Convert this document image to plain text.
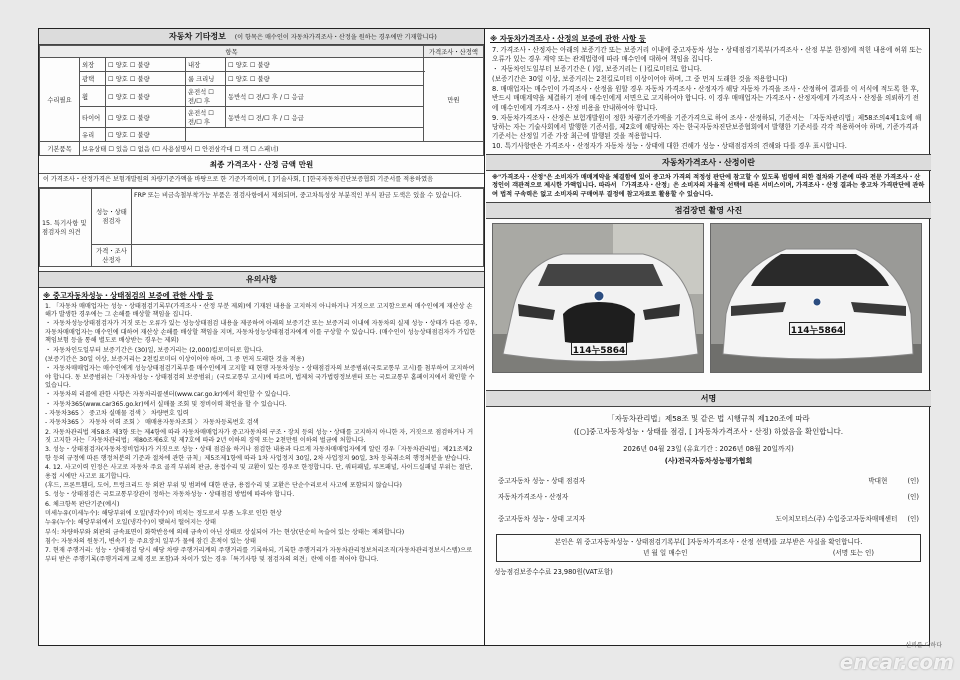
자동차 기타정보 (이 항목은 매수인이 자동차가격조사・산정을 원하는 경우에만 기재합니다)
항목					가격조사・산정액
수리필요	외장	☐ 양호 ☐ 불량	내장	☐ 양호 ☐ 불량	만원
	광택	☐ 양호 ☐ 불량	룸 크리닝	☐ 양호 ☐ 불량	
	휠	☐ 양호 ☐ 불량	운전석 ☐ 전/☐ 후	동반석 ☐ 전/☐ 후 / ☐ 응급	
	타이어	☐ 양호 ☐ 불량	운전석 ☐ 전/☐ 후	동반석 ☐ 전/☐ 후 / ☐ 응급	
	유리	☐ 양호 ☐ 불량			
기본품목	보유상태 ☐ 있음 ☐ 없음 (☐ 사용설명서 ☐ 안전삼각대 ☐ 잭 ☐ 스패너)				
최종 가격조사・산정 금액 만원
이 가격조사・산정가격은 보험개발원의 차량기준가액을 바탕으로 한 기준가격이며, [ ]기술사회, [ ]한국자동차진단보증협회 기준서를 적용하였음
15. 특기사항 및 점검자의 의견	성능・상태 점검자	FRP 또는 비금속철부착가능 부품은 점검사항에서 제외되며, 중고차특성상 부분적인 부식 판금 도색은 있을 수 있습니다.
	가격・조사 산정자	
유의사항
※ 중고자동차성능・상태점검의 보증에 관한 사항 등

1. 「자동차 매매업자는 성능・상태점검기록부(가격조사・산정 부분 제외)에 기재된 내용을 고지하지 아니하거나 거짓으로 고지함으로써 매수인에게 재산상 손해가 발생한 경우에는 그 손해를 배상할 책임을 집니다.

・ 자동차성능상태점검자가 거짓 또는 오류가 있는 성능상태점검 내용을 제공하여 아래의 보증기간 또는 보증거리 이내에 자동차의 실제 성능・상태가 다른 경우, 자동차매매업자는 매수인에 대하여 재산상 손해를 배상할 책임을 지며, 자동차성능상태점검자에게 이를 구상할 수 있습니다. (매수인이 성능상태점검자가 가입한 책임보험 등을 통해 별도로 배상받는 경우는 제외)

・ 자동차인도일부터 보증기간은 (30)일, 보증거리는 (2,000)킬로미터로 합니다.

(보증기간은 30일 이상, 보증거리는 2천킬로미터 이상이어야 하며, 그 중 먼저 도래한 것을 적용)

・ 자동차매매업자는 매수인에게 성능상태점검기록부를 매수인에게 고지할 때 현행 자동차성능・상태점검자의 보증범위(국토교통부 고시)를 첨부하여 고지하여야 합니다. 동 보증범위는「자동차성능・상태점검의 보증범위」(국토교통부 고시)에 따르며, 법제처 국가법령정보센터 또는 국토교통부 홈페이지에서 확인할 수 있습니다.

・ 자동차의 리콜에 관한 사항은 자동차리콜센터(www.car.go.kr)에서 확인할 수 있습니다.

・ 자동차365(www.car365.go.kr)에서 실매물 조회 및 정비이력 확인을 할 수 있습니다.

- 자동차365 〉 중고차 실매물 검색 〉 차량번호 입력

- 자동차365 〉 자동차 이력 조회 〉 매매용자동차조회 〉 자동차등록번호 검색

2. 자동차관리법 제58조 제3항 또는 제4항에 따라 자동차매매업자가 중고자동차의 구조・장치 등의 성능・상태를 고지하지 아니한 자, 거짓으로 점검하거나 거짓 고지한 자는「자동차관리법」제80조제6호 및 제7호에 따라 2년 이하의 징역 또는 2천만원 이하의 벌금에 처합니다.

3. 성능・상태점검자(자동차정비업자)가 거짓으로 성능・상태 점검을 하거나 점검한 내용과 다르게 자동차매매업자에게 알린 경우「자동차관리법」제21조제2항 등의 규정에 따른 행정처분의 기준과 절차에 관한 규칙」제5조제1항에 따라 1차 사업정지 30일, 2차 사업정지 90일, 3차 등록취소의 행정처분을 받습니다.

4. 12. 사고이력 인정은 사고로 자동차 주요 골격 부위의 판금, 용접수리 및 교환이 있는 경우로 한정합니다. 단, 쿼터패널, 루프패널, 사이드실패널 부위는 절단, 용접 시에만 사고로 표기합니다.

(후드, 프론트휀더, 도어, 트렁크리드 등 외판 부위 및 범퍼에 대한 판금, 용접수리 및 교환은 단순수리로서 사고에 포함되지 않습니다)

5. 성능・상태점검은 국토교통부장관이 정하는 자동차성능・상태점검 방법에 따라야 합니다.

6. 체크항목 판단기준(예시)

미세누유(미세누수): 해당부위에 오일(냉각수)이 비치는 정도로서 부품 노후로 인한 현상

누유(누수): 해당부위에서 오일(냉각수)이 맺혀서 떨어지는 상태

부식: 차량하부와 외판의 금속표면이 화학반응에 의해 금속이 아닌 상태로 상실되어 가는 현상(단순히 녹슬어 있는 상태는 제외합니다)

침수: 자동차의 원동기, 변속기 등 주요장치 일부가 물에 잠긴 흔적이 있는 상태

7. 현재 주행거리: 성능・상태점검 당시 해당 차량 주행거리계의 주행거리를 기록하되, 기록한 주행거리가 자동차관리정보처리조직(자동차관리정보시스템)으로부터 받은 주행기록(주행거리계 교체 경로 포함)과 차이가 있는 경우「특기사항 및 점검자의 의견」란에 이를 적어야 합니다.

※ 자동차가격조사・산정의 보증에 관한 사항 등

7. 가격조사・산정자는 아래의 보증기간 또는 보증거리 이내에 중고자동차 성능・상태점검기록부(가격조사・산정 부분 한정)에 적힌 내용에 허위 또는 오류가 있는 경우 계약 또는 관계법령에 따라 매수인에 대하여 책임을 집니다.

・ 자동차인도일부터 보증기간은 ( )일, 보증거리는 ( )킬로미터로 합니다.

(보증기간은 30일 이상, 보증거리는 2천킬로미터 이상이어야 하며, 그 중 먼저 도래한 것을 적용합니다)

8. 매매업자는 매수인이 가격조사・산정을 원할 경우 자동차 가격조사・산정자가 해당 자동차 가격을 조사・산정하여 결과를 이 서식에 적도록 한 후, 반드시 매매계약을 체결하기 전에 매수인에게 서면으로 고지하여야 합니다. 이 경우 매매업자는 가격조사・산정자에게 가격조사・산정을 의뢰하기 전에 매수인에게 가격조사・산정 비용을 안내하여야 합니다.

9. 자동차가격조사・산정은 보험개발원이 정한 차량기준가액을 기준가격으로 하여 조사・산정하되, 기준서는 「자동차관리법」제58조의4제1호에 해당하는 자는 기술사회에서 발행한 기준서를, 제2호에 해당하는 자는 한국자동차진단보증협회에서 발행한 기준서를 각각 적용하여야 하며, 기준가격과 기준서는 산정일 기준 가장 최근에 발행된 것을 적용합니다.

10. 특기사항란은 가격조사・산정자가 자동차 성능・상태에 대한 견해가 성능・상태점검자의 견해와 다를 경우 표시합니다.

자동차가격조사・산정이란
※"가격조사・산정"은 소비자가 매매계약을 체결함에 있어 중고차 가격의 적정성 판단에 참고할 수 있도록 법령에 의한 절차와 기준에 따라 전문 가격조사・산정인이 객관적으로 제시한 가액입니다. 따라서 「가격조사・산정」은 소비자의 자율적 선택에 따른 서비스이며, 가격조사・산정 결과는 중고차 가격판단에 관하여 법적 구속력은 없고 소비자의 구매여부 결정에 참고자료로 활용할 수 있습니다.
점검장면 촬영 사진
114누5864
114누5864
서명
「자동차관리법」제58조 및 같은 법 시행규칙 제120조에 따라
([○]중고자동차성능・상태를 점검, [ ]자동차가격조사・산정) 하였음을 확인합니다.
2026년 04월 23일 (유효기간 : 2026년 08월 20일까지)
(사)전국자동차성능평가협회
중고자동차 성능・상태 점검자	박대현	(인)
자동차가격조사・산정자	(인)
중고자동차 성능・상태 고지자	도이치모터스(주) 수입중고자동차매매센터 (인)
본인은 위 중고자동차성능・상태점검기록부([ ]자동차가격조사・산정 선택)를 교부받은 사실을 확인합니다.
년 월 일 매수인	(서명 또는 인)
성능점검보증수수료 23,980원(VAT포함)
encar.com
신뢰를 더하다
